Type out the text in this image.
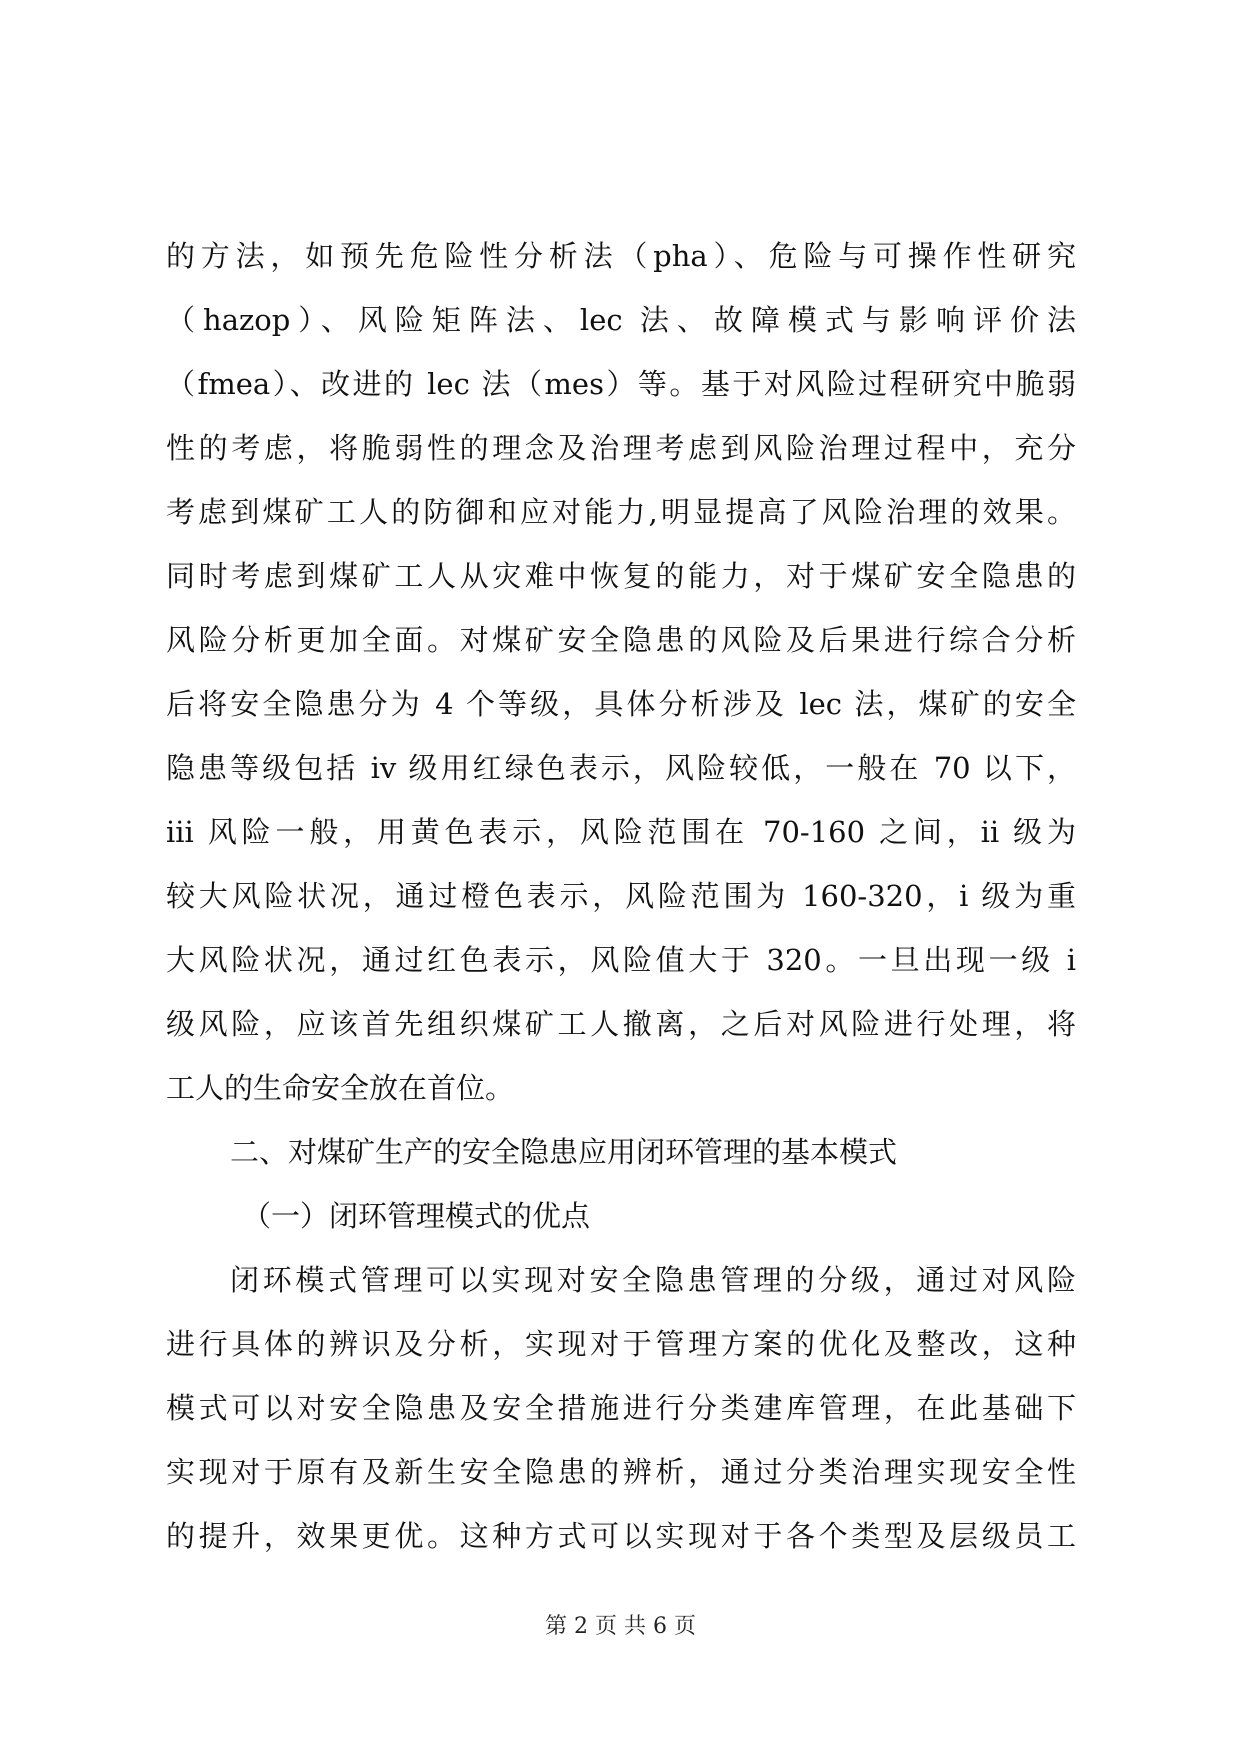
的方法，如预先危险性分析法（pha）、危险与可操作性研究
（hazop）、风险矩阵法、lec 法、故障模式与影响评价法
（fmea）、改进的 lec 法（mes）等。基于对风险过程研究中脆弱
性的考虑，将脆弱性的理念及治理考虑到风险治理过程中，充分
考虑到煤矿工人的防御和应对能力,明显提高了风险治理的效果。
同时考虑到煤矿工人从灾难中恢复的能力，对于煤矿安全隐患的
风险分析更加全面。对煤矿安全隐患的风险及后果进行综合分析
后将安全隐患分为 4 个等级，具体分析涉及 lec 法，煤矿的安全
隐患等级包括 iv 级用红绿色表示，风险较低，一般在 70 以下，
iii 风险一般，用黄色表示，风险范围在 70-160 之间，ii 级为
较大风险状况，通过橙色表示，风险范围为 160-320，i 级为重
大风险状况，通过红色表示，风险值大于 320。一旦出现一级 i
级风险，应该首先组织煤矿工人撤离，之后对风险进行处理，将
工人的生命安全放在首位。
二、对煤矿生产的安全隐患应用闭环管理的基本模式
（一）闭环管理模式的优点
闭环模式管理可以实现对安全隐患管理的分级，通过对风险
进行具体的辨识及分析，实现对于管理方案的优化及整改，这种
模式可以对安全隐患及安全措施进行分类建库管理，在此基础下
实现对于原有及新生安全隐患的辨析，通过分类治理实现安全性
的提升，效果更优。这种方式可以实现对于各个类型及层级员工
第 2 页 共 6 页
